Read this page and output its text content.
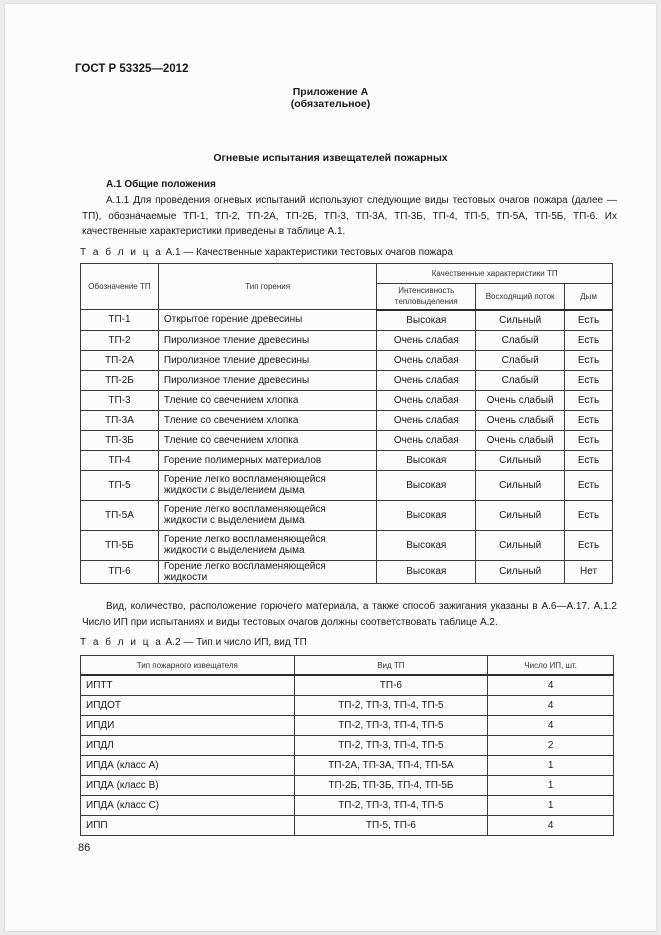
ГОСТ Р 53325—2012
Приложение А
(обязательное)
Огневые испытания извещателей пожарных
А.1 Общие положения
А.1.1 Для проведения огневых испытаний используют следующие виды тестовых очагов пожара (далее — ТП), обозначаемые ТП-1, ТП-2, ТП-2А, ТП-2Б, ТП-3, ТП-3А, ТП-3Б, ТП-4, ТП-5, ТП-5А, ТП-5Б, ТП-6. Их качественные характеристики приведены в таблице А.1.
Т а б л и ц а А.1 — Качественные характеристики тестовых очагов пожара
Обозначение ТП	Тип горения	Качественные характеристики ТП		
		Интенсивность тепловыделения	Восходящий поток	Дым
ТП-1	Открытое горение древесины	Высокая	Сильный	Есть
ТП-2	Пиролизное тление древесины	Очень слабая	Слабый	Есть
ТП-2А	Пиролизное тление древесины	Очень слабая	Слабый	Есть
ТП-2Б	Пиролизное тление древесины	Очень слабая	Слабый	Есть
ТП-3	Тление со свечением хлопка	Очень слабая	Очень слабый	Есть
ТП-3А	Тление со свечением хлопка	Очень слабая	Очень слабый	Есть
ТП-3Б	Тление со свечением хлопка	Очень слабая	Очень слабый	Есть
ТП-4	Горение полимерных материалов	Высокая	Сильный	Есть
ТП-5	Горение легко воспламеняющейся жидкости с выделением дыма	Высокая	Сильный	Есть
ТП-5А	Горение легко воспламеняющейся жидкости с выделением дыма	Высокая	Сильный	Есть
ТП-5Б	Горение легко воспламеняющейся жидкости с выделением дыма	Высокая	Сильный	Есть
ТП-6	Горение легко воспламеняющейся жидкости	Высокая	Сильный	Нет
Вид, количество, расположение горючего материала, а также способ зажигания указаны в А.6—А.17. А.1.2 Число ИП при испытаниях и виды тестовых очагов должны соответствовать таблице А.2.
Т а б л и ц а А.2 — Тип и число ИП, вид ТП
Тип пожарного извещателя	Вид ТП	Число ИП, шт.
ИПТТ	ТП-6	4
ИПДОТ	ТП-2, ТП-3, ТП-4, ТП-5	4
ИПДИ	ТП-2, ТП-3, ТП-4, ТП-5	4
ИПДЛ	ТП-2, ТП-3, ТП-4, ТП-5	2
ИПДА (класс А)	ТП-2А, ТП-3А, ТП-4, ТП-5А	1
ИПДА (класс В)	ТП-2Б, ТП-3Б, ТП-4, ТП-5Б	1
ИПДА (класс С)	ТП-2, ТП-3, ТП-4, ТП-5	1
ИПП	ТП-5, ТП-6	4
86
